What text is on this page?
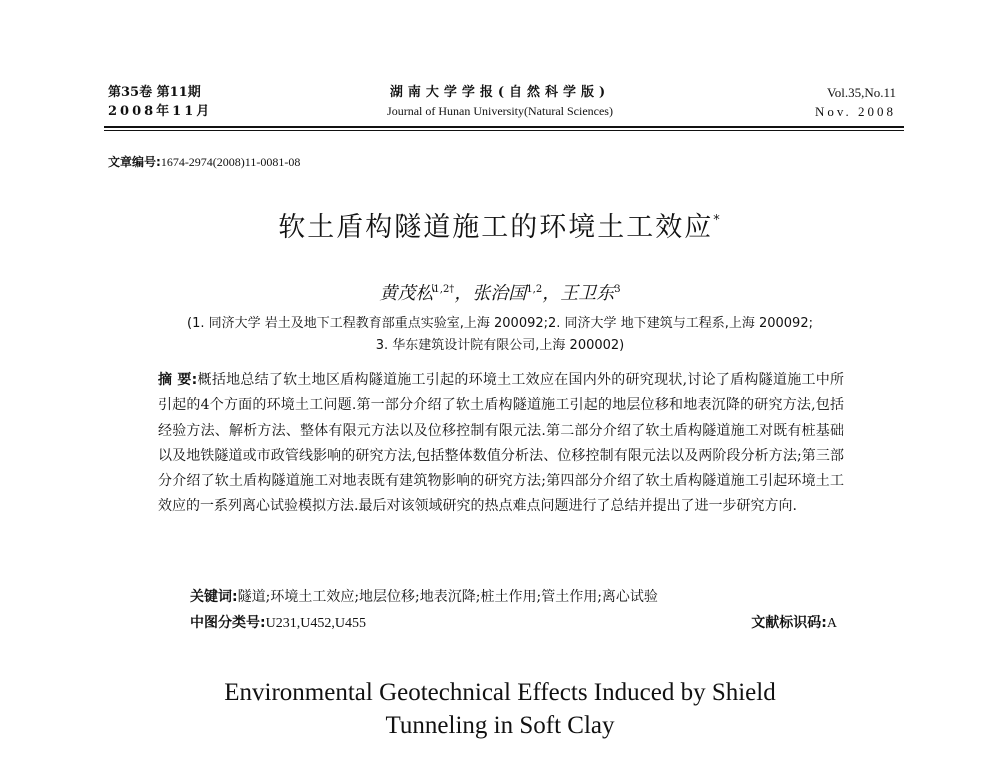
第35卷 第11期
2008年11月
湖南大学学报(自然科学版)
Journal of Hunan University(Natural Sciences)
Vol.35,No.11
Nov. 2008
文章编号:1674-2974(2008)11-0081-08
软土盾构隧道施工的环境土工效应*
黄茂松$^{1,2\dagger}$，张治国$^{1,2}$，王卫东$^3$
(1. 同济大学 岩土及地下工程教育部重点实验室,上海 200092;2. 同济大学 地下建筑与工程系,上海 200092;
3. 华东建筑设计院有限公司,上海 200002)
摘 要:概括地总结了软土地区盾构隧道施工引起的环境土工效应在国内外的研究现状,讨论了盾构隧道施工中所引起的4个方面的环境土工问题.第一部分介绍了软土盾构隧道施工引起的地层位移和地表沉降的研究方法,包括经验方法、解析方法、整体有限元方法以及位移控制有限元法.第二部分介绍了软土盾构隧道施工对既有桩基础以及地铁隧道或市政管线影响的研究方法,包括整体数值分析法、位移控制有限元法以及两阶段分析方法;第三部分介绍了软土盾构隧道施工对地表既有建筑物影响的研究方法;第四部分介绍了软土盾构隧道施工引起环境土工效应的一系列离心试验模拟方法.最后对该领域研究的热点难点问题进行了总结并提出了进一步研究方向.
关键词:隧道;环境土工效应;地层位移;地表沉降;桩土作用;管土作用;离心试验
中图分类号:U231,U452,U455	文献标识码:A
Environmental Geotechnical Effects Induced by Shield
Tunneling in Soft Clay
